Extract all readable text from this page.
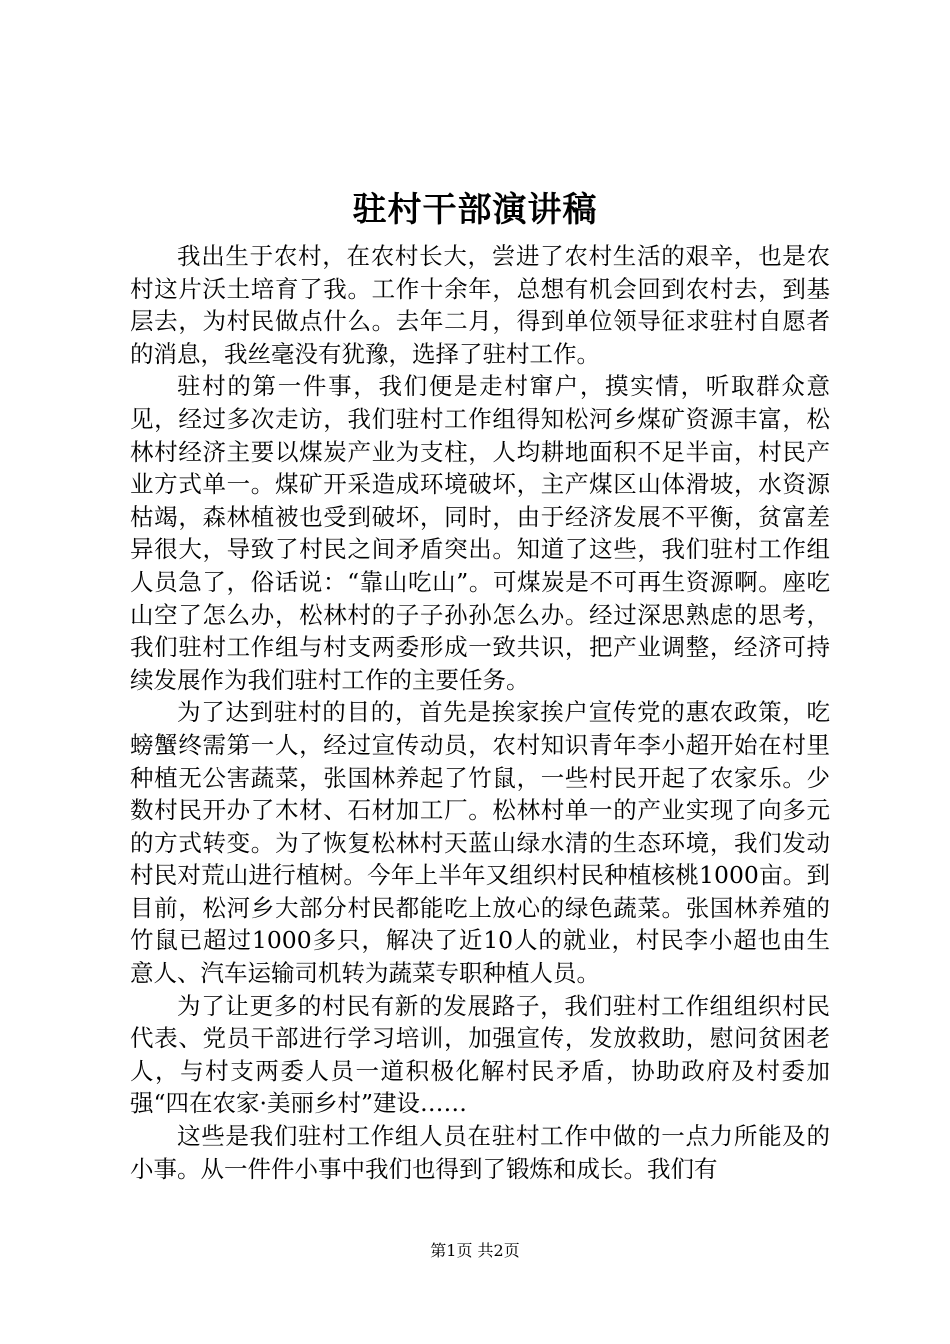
驻村干部演讲稿

我出生于农村，在农村长大，尝进了农村生活的艰辛，也是农村这片沃土培育了我。工作十余年，总想有机会回到农村去，到基层去，为村民做点什么。去年二月，得到单位领导征求驻村自愿者的消息，我丝毫没有犹豫，选择了驻村工作。

驻村的第一件事，我们便是走村窜户，摸实情，听取群众意见，经过多次走访，我们驻村工作组得知松河乡煤矿资源丰富，松林村经济主要以煤炭产业为支柱，人均耕地面积不足半亩，村民产业方式单一。煤矿开采造成环境破坏，主产煤区山体滑坡，水资源枯竭，森林植被也受到破坏，同时，由于经济发展不平衡，贫富差异很大，导致了村民之间矛盾突出。知道了这些，我们驻村工作组人员急了，俗话说：“靠山吃山”。可煤炭是不可再生资源啊。座吃山空了怎么办，松林村的子子孙孙怎么办。经过深思熟虑的思考，我们驻村工作组与村支两委形成一致共识，把产业调整，经济可持续发展作为我们驻村工作的主要任务。

为了达到驻村的目的，首先是挨家挨户宣传党的惠农政策，吃螃蟹终需第一人，经过宣传动员，农村知识青年李小超开始在村里种植无公害蔬菜，张国林养起了竹鼠，一些村民开起了农家乐。少数村民开办了木材、石材加工厂。松林村单一的产业实现了向多元的方式转变。为了恢复松林村天蓝山绿水清的生态环境，我们发动村民对荒山进行植树。今年上半年又组织村民种植核桃1000亩。到目前，松河乡大部分村民都能吃上放心的绿色蔬菜。张国林养殖的竹鼠已超过1000多只，解决了近10人的就业，村民李小超也由生意人、汽车运输司机转为蔬菜专职种植人员。

为了让更多的村民有新的发展路子，我们驻村工作组组织村民代表、党员干部进行学习培训，加强宣传，发放救助，慰问贫困老人，与村支两委人员一道积极化解村民矛盾，协助政府及村委加强“四在农家·美丽乡村”建设……

这些是我们驻村工作组人员在驻村工作中做的一点力所能及的小事。从一件件小事中我们也得到了锻炼和成长。我们有

第1页 共2页
